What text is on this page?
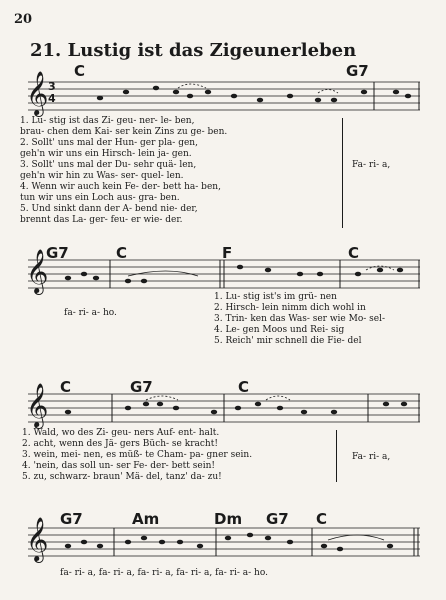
20
21. Lustig ist das Zigeunerleben
C	G7
𝄞 3
4
1. Lu- stig ist das Zi- geu- ner- le- ben,
brau- chen dem Kai- ser kein Zins zu ge- ben.
2. Sollt' uns mal der Hun- ger pla- gen,
geh'n wir uns ein Hirsch- lein ja- gen.
3. Sollt' uns mal der Du- sehr quä- len,
geh'n wir hin zu Was- ser- quel- len.
4. Wenn wir auch kein Fe- der- bett ha- ben,
tun wir uns ein Loch aus- gra- ben.
5. Und sinkt dann der A- bend nie- der,
brennt das La- ger- feu- er wie- der.
Fa- ri- a,
G7	C	F	C
𝄞
fa- ri- a- ho.
1. Lu- stig ist's im grü- nen
2. Hirsch- lein nimm dich wohl in
3. Trin- ken das Was- ser wie Mo- sel-
4. Le- gen Moos und Rei- sig
5. Reich' mir schnell die Fie- del
C	G7	C
𝄞
1. Wald, wo des Zi- geu- ners Auf- ent- halt.
2. acht, wenn des Jä- gers Büch- se kracht!
3. wein, mei- nen, es müß- te Cham- pa- gner sein.
4. 'nein, das soll un- ser Fe- der- bett sein!
5. zu, schwarz- braun' Mä- del, tanz' da- zu!
Fa- ri- a,
G7	Am	Dm G7 C
𝄞
fa- ri- a, fa- ri- a, fa- ri- a, fa- ri- a, fa- ri- a- ho.
